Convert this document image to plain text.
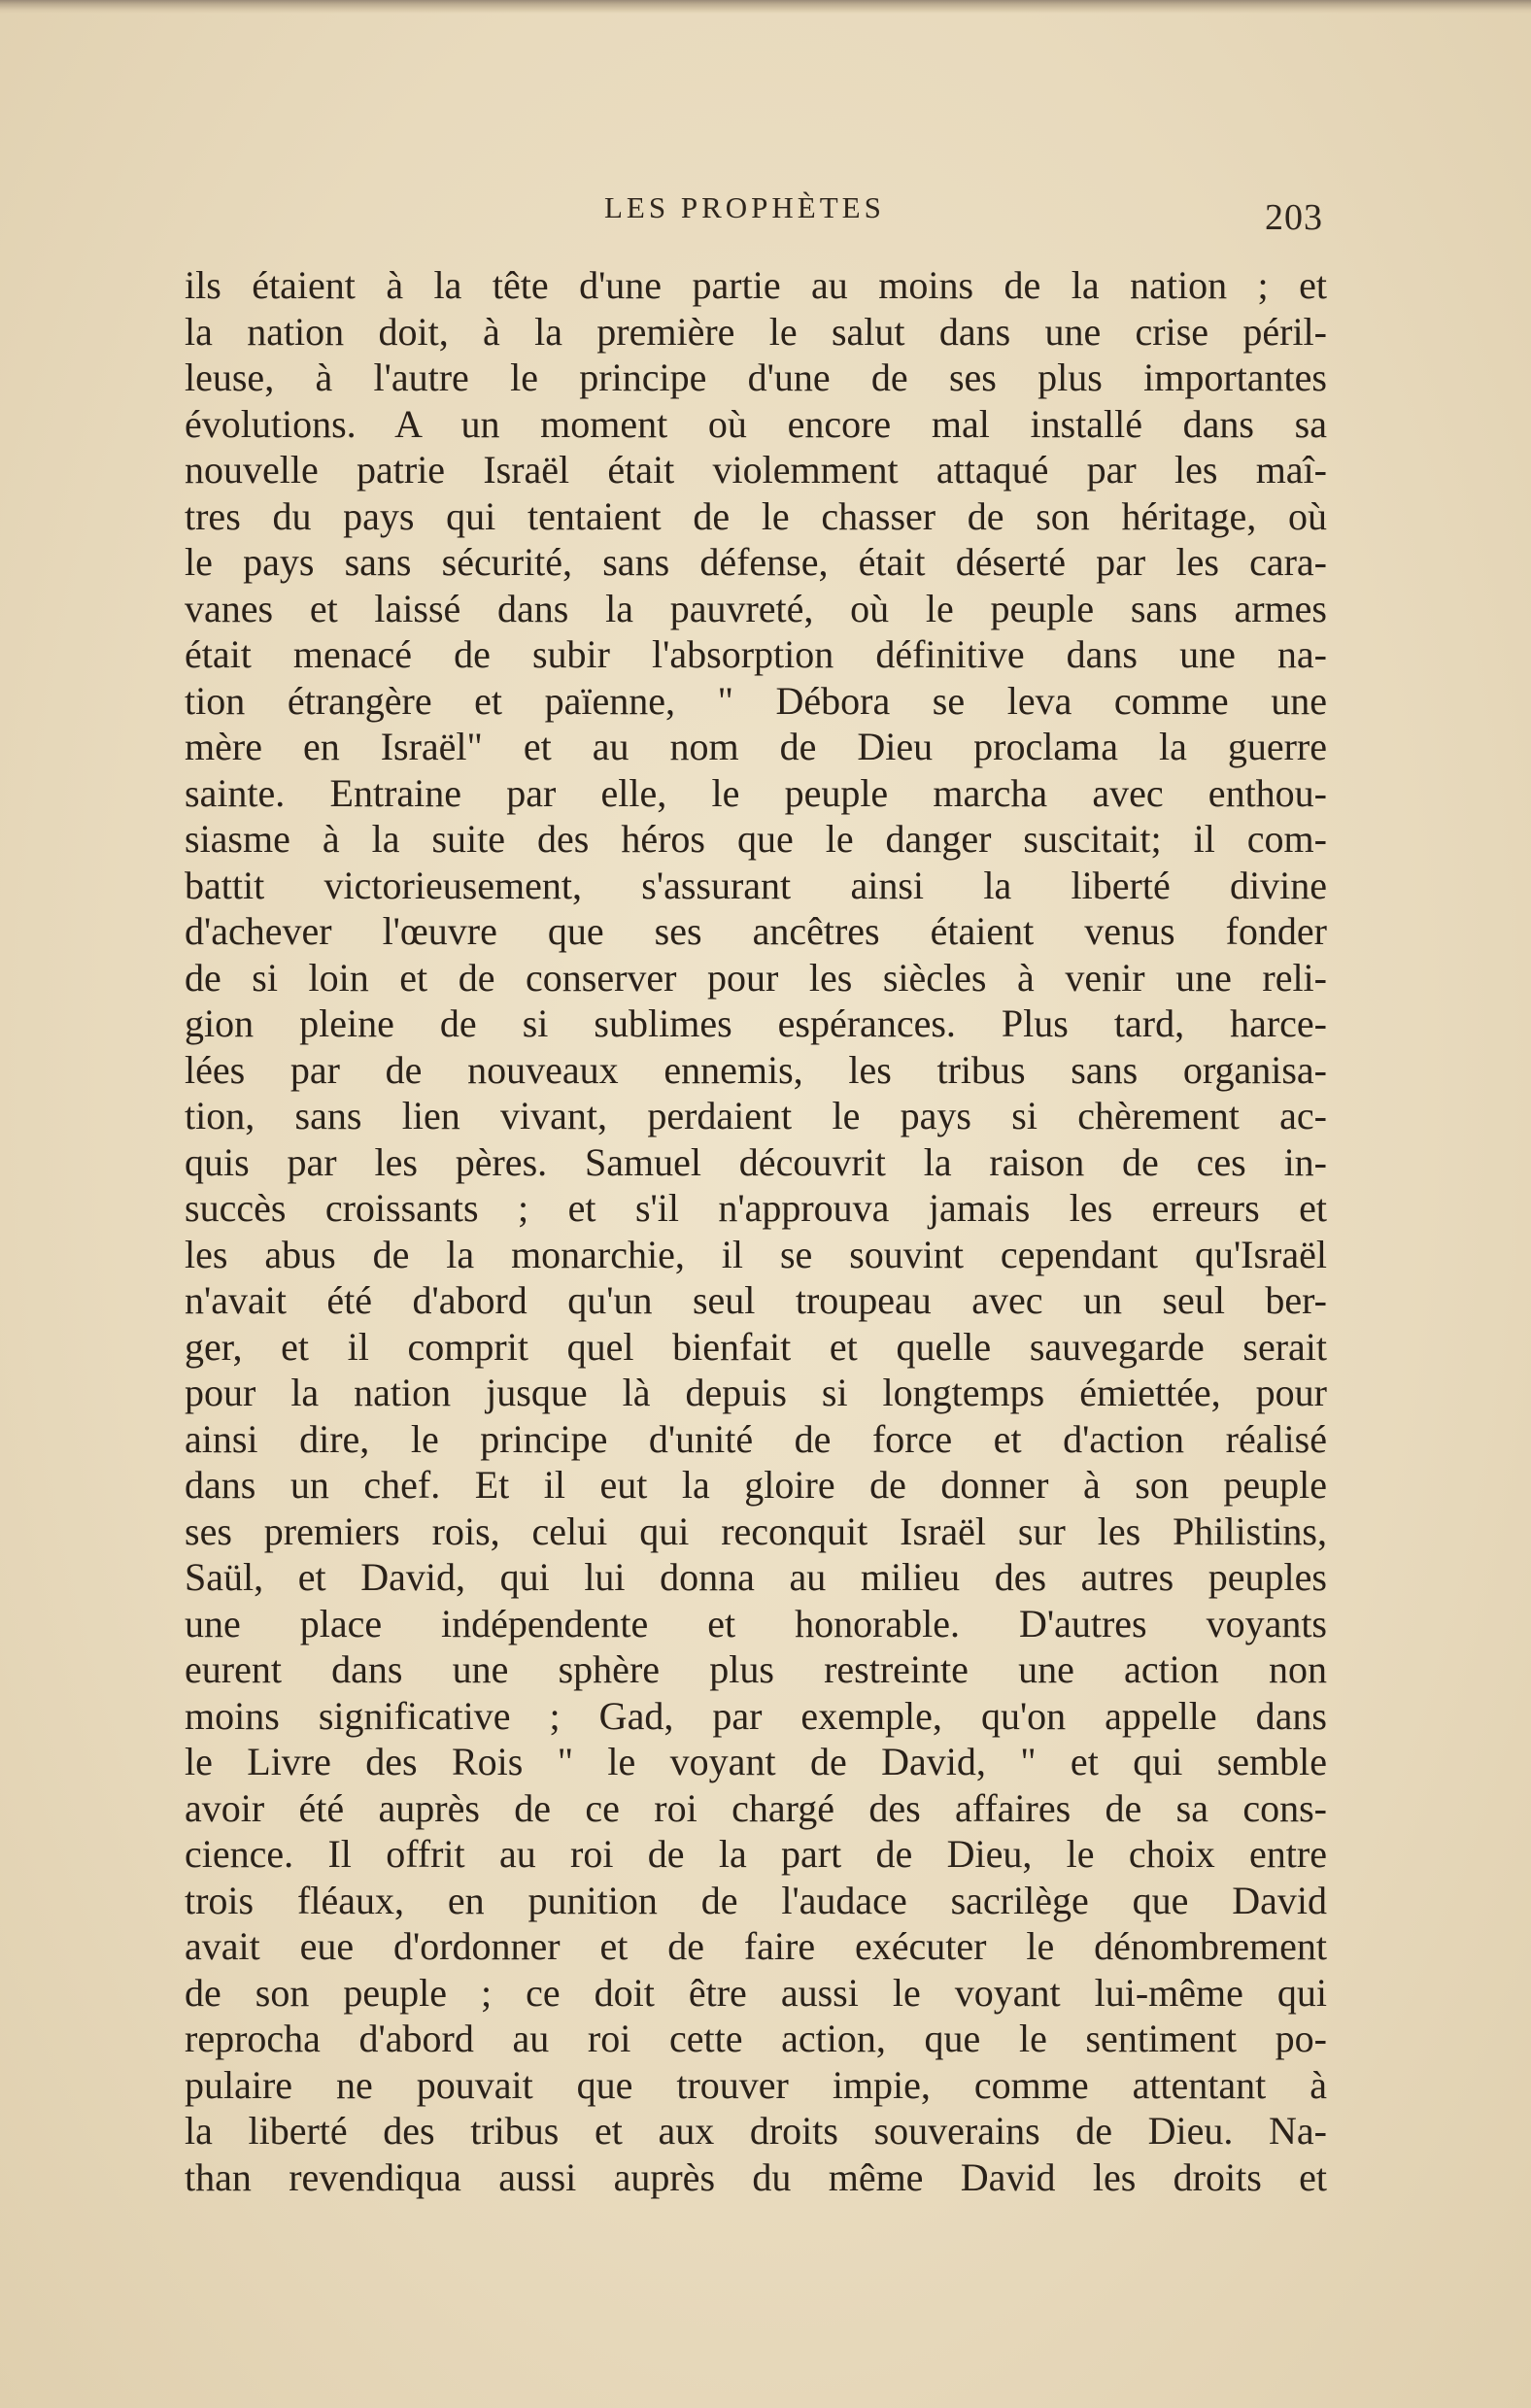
LES PROPHÈTES	203
ils étaient à la tête d'une partie au moins de la nation ; et
la nation doit, à la première le salut dans une crise péril-
leuse, à l'autre le principe d'une de ses plus importantes
évolutions. A un moment où encore mal installé dans sa
nouvelle patrie Israël était violemment attaqué par les maî-
tres du pays qui tentaient de le chasser de son héritage, où
le pays sans sécurité, sans défense, était déserté par les cara-
vanes et laissé dans la pauvreté, où le peuple sans armes
était menacé de subir l'absorption définitive dans une na-
tion étrangère et païenne, " Débora se leva comme une
mère en Israël" et au nom de Dieu proclama la guerre
sainte. Entraine par elle, le peuple marcha avec enthou-
siasme à la suite des héros que le danger suscitait; il com-
battit victorieusement, s'assurant ainsi la liberté divine
d'achever l'œuvre que ses ancêtres étaient venus fonder
de si loin et de conserver pour les siècles à venir une reli-
gion pleine de si sublimes espérances. Plus tard, harce-
lées par de nouveaux ennemis, les tribus sans organisa-
tion, sans lien vivant, perdaient le pays si chèrement ac-
quis par les pères. Samuel découvrit la raison de ces in-
succès croissants ; et s'il n'approuva jamais les erreurs et
les abus de la monarchie, il se souvint cependant qu'Israël
n'avait été d'abord qu'un seul troupeau avec un seul ber-
ger, et il comprit quel bienfait et quelle sauvegarde serait
pour la nation jusque là depuis si longtemps émiettée, pour
ainsi dire, le principe d'unité de force et d'action réalisé
dans un chef. Et il eut la gloire de donner à son peuple
ses premiers rois, celui qui reconquit Israël sur les Philistins,
Saül, et David, qui lui donna au milieu des autres peuples
une place indépendente et honorable. D'autres voyants
eurent dans une sphère plus restreinte une action non
moins significative ; Gad, par exemple, qu'on appelle dans
le Livre des Rois " le voyant de David, " et qui semble
avoir été auprès de ce roi chargé des affaires de sa cons-
cience. Il offrit au roi de la part de Dieu, le choix entre
trois fléaux, en punition de l'audace sacrilège que David
avait eue d'ordonner et de faire exécuter le dénombrement
de son peuple ; ce doit être aussi le voyant lui-même qui
reprocha d'abord au roi cette action, que le sentiment po-
pulaire ne pouvait que trouver impie, comme attentant à
la liberté des tribus et aux droits souverains de Dieu. Na-
than revendiqua aussi auprès du même David les droits et
